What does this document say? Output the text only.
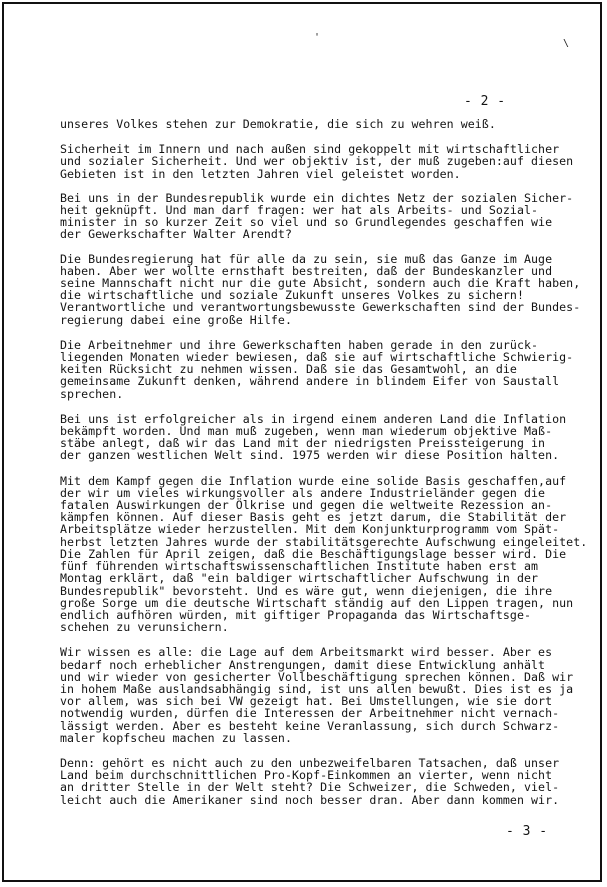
'
\
- 2 -

unseres Volkes stehen zur Demokratie, die sich zu wehren weiß.

Sicherheit im Innern und nach außen sind gekoppelt mit wirtschaftlicher
und sozialer Sicherheit. Und wer objektiv ist, der muß zugeben:auf diesen
Gebieten ist in den letzten Jahren viel geleistet worden.

Bei uns in der Bundesrepublik wurde ein dichtes Netz der sozialen Sicher-
heit geknüpft. Und man darf fragen: wer hat als Arbeits- und Sozial-
minister in so kurzer Zeit so viel und so Grundlegendes geschaffen wie
der Gewerkschafter Walter Arendt?

Die Bundesregierung hat für alle da zu sein, sie muß das Ganze im Auge
haben. Aber wer wollte ernsthaft bestreiten, daß der Bundeskanzler und
seine Mannschaft nicht nur die gute Absicht, sondern auch die Kraft haben,
die wirtschaftliche und soziale Zukunft unseres Volkes zu sichern!
Verantwortliche und verantwortungsbewusste Gewerkschaften sind der Bundes-
regierung dabei eine große Hilfe.

Die Arbeitnehmer und ihre Gewerkschaften haben gerade in den zurück-
liegenden Monaten wieder bewiesen, daß sie auf wirtschaftliche Schwierig-
keiten Rücksicht zu nehmen wissen. Daß sie das Gesamtwohl, an die
gemeinsame Zukunft denken, während andere in blindem Eifer von Saustall
sprechen.

Bei uns ist erfolgreicher als in irgend einem anderen Land die Inflation
bekämpft worden. Und man muß zugeben, wenn man wiederum objektive Maß-
stäbe anlegt, daß wir das Land mit der niedrigsten Preissteigerung in
der ganzen westlichen Welt sind. 1975 werden wir diese Position halten.

Mit dem Kampf gegen die Inflation wurde eine solide Basis geschaffen,auf
der wir um vieles wirkungsvoller als andere Industrieländer gegen die
fatalen Auswirkungen der Ölkrise und gegen die weltweite Rezession an-
kämpfen können. Auf dieser Basis geht es jetzt darum, die Stabilität der
Arbeitsplätze wieder herzustellen. Mit dem Konjunkturprogramm vom Spät-
herbst letzten Jahres wurde der stabilitätsgerechte Aufschwung eingeleitet.
Die Zahlen für April zeigen, daß die Beschäftigungslage besser wird. Die
fünf führenden wirtschaftswissenschaftlichen Institute haben erst am
Montag erklärt, daß "ein baldiger wirtschaftlicher Aufschwung in der
Bundesrepublik" bevorsteht. Und es wäre gut, wenn diejenigen, die ihre
große Sorge um die deutsche Wirtschaft ständig auf den Lippen tragen, nun
endlich aufhören würden, mit giftiger Propaganda das Wirtschaftsge-
schehen zu verunsichern.

Wir wissen es alle: die Lage auf dem Arbeitsmarkt wird besser. Aber es
bedarf noch erheblicher Anstrengungen, damit diese Entwicklung anhält
und wir wieder von gesicherter Vollbeschäftigung sprechen können. Daß wir
in hohem Maße auslandsabhängig sind, ist uns allen bewußt. Dies ist es ja
vor allem, was sich bei VW gezeigt hat. Bei Umstellungen, wie sie dort
notwendig wurden, dürfen die Interessen der Arbeitnehmer nicht vernach-
lässigt werden. Aber es besteht keine Veranlassung, sich durch Schwarz-
maler kopfscheu machen zu lassen.

Denn: gehört es nicht auch zu den unbezweifelbaren Tatsachen, daß unser
Land beim durchschnittlichen Pro-Kopf-Einkommen an vierter, wenn nicht
an dritter Stelle in der Welt steht? Die Schweizer, die Schweden, viel-
leicht auch die Amerikaner sind noch besser dran. Aber dann kommen wir.

- 3 -
